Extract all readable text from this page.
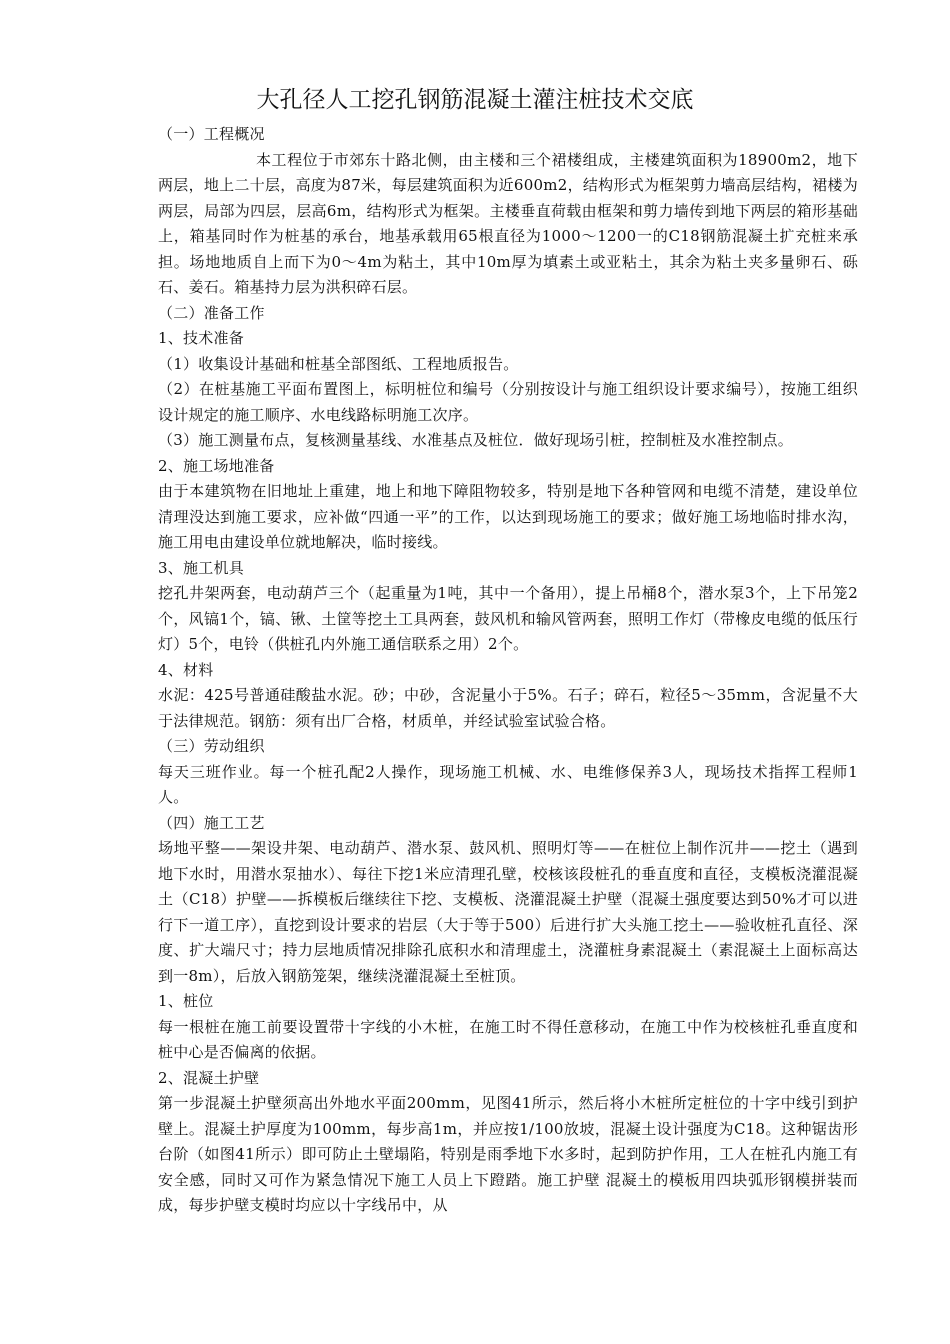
大孔径人工挖孔钢筋混凝土灌注桩技术交底

（一）工程概况

本工程位于市郊东十路北侧，由主楼和三个裙楼组成，主楼建筑面积为18900m2，地下两层，地上二十层，高度为87米，每层建筑面积为近600m2，结构形式为框架剪力墙高层结构，裙楼为两层，局部为四层，层高6m，结构形式为框架。主楼垂直荷载由框架和剪力墙传到地下两层的箱形基础上，箱基同时作为桩基的承台，地基承载用65根直径为1000～1200一的C18钢筋混凝土扩充桩来承担。场地地质自上而下为0～4m为粘土，其中10m厚为填素土或亚粘土，其余为粘土夹多量卵石、砾石、姜石。箱基持力层为洪积碎石层。

（二）准备工作

1、技术准备

（1）收集设计基础和桩基全部图纸、工程地质报告。

（2）在桩基施工平面布置图上，标明桩位和编号（分别按设计与施工组织设计要求编号），按施工组织设计规定的施工顺序、水电线路标明施工次序。

（3）施工测量布点，复核测量基线、水准基点及桩位．做好现场引桩，控制桩及水准控制点。

2、施工场地准备

由于本建筑物在旧地址上重建，地上和地下障阻物较多，特别是地下各种管网和电缆不清楚，建设单位清理没达到施工要求，应补做“四通一平”的工作，以达到现场施工的要求；做好施工场地临时排水沟，施工用电由建设单位就地解决，临时接线。

3、施工机具

挖孔井架两套，电动葫芦三个（起重量为1吨，其中一个备用），提上吊桶8个，潜水泵3个，上下吊笼2个，风镐1个，镐、锹、土筐等挖土工具两套，鼓风机和输风管两套，照明工作灯（带橡皮电缆的低压行灯）5个，电铃（供桩孔内外施工通信联系之用）2个。

4、材料

水泥：425号普通硅酸盐水泥。砂；中砂，含泥量小于5%。石子；碎石，粒径5～35mm，含泥量不大于法律规范。钢筋：须有出厂合格，材质单，并经试验室试验合格。

（三）劳动组织

每天三班作业。每一个桩孔配2人操作，现场施工机械、水、电维修保养3人，现场技术指挥工程师1人。

（四）施工工艺

场地平整——架设井架、电动葫芦、潜水泵、鼓风机、照明灯等——在桩位上制作沉井——挖土（遇到地下水时，用潜水泵抽水）、每往下挖1米应清理孔壁，校核该段桩孔的垂直度和直径，支模板浇灌混凝土（C18）护壁——拆模板后继续往下挖、支模板、浇灌混凝土护壁（混凝土强度要达到50%才可以进行下一道工序），直挖到设计要求的岩层（大于等于500）后进行扩大头施工挖土——验收桩孔直径、深度、扩大端尺寸；持力层地质情况排除孔底积水和清理虚土，浇灌桩身素混凝土（素混凝土上面标高达到一8m），后放入钢筋笼架，继续浇灌混凝土至桩顶。

1、桩位

每一根桩在施工前要设置带十字线的小木桩，在施工时不得任意移动，在施工中作为校核桩孔垂直度和桩中心是否偏离的依据。

2、混凝土护壁

第一步混凝土护壁须高出外地水平面200mm，见图41所示，然后将小木桩所定桩位的十字中线引到护壁上。混凝土护厚度为100mm，每步高1m，并应按1/100放坡，混凝土设计强度为C18。这种锯齿形台阶（如图41所示）即可防止土壁塌陷，特别是雨季地下水多时，起到防护作用，工人在桩孔内施工有安全感，同时又可作为紧急情况下施工人员上下蹬踏。施工护壁 混凝土的模板用四块弧形钢模拼装而成，每步护壁支模时均应以十字线吊中，从
